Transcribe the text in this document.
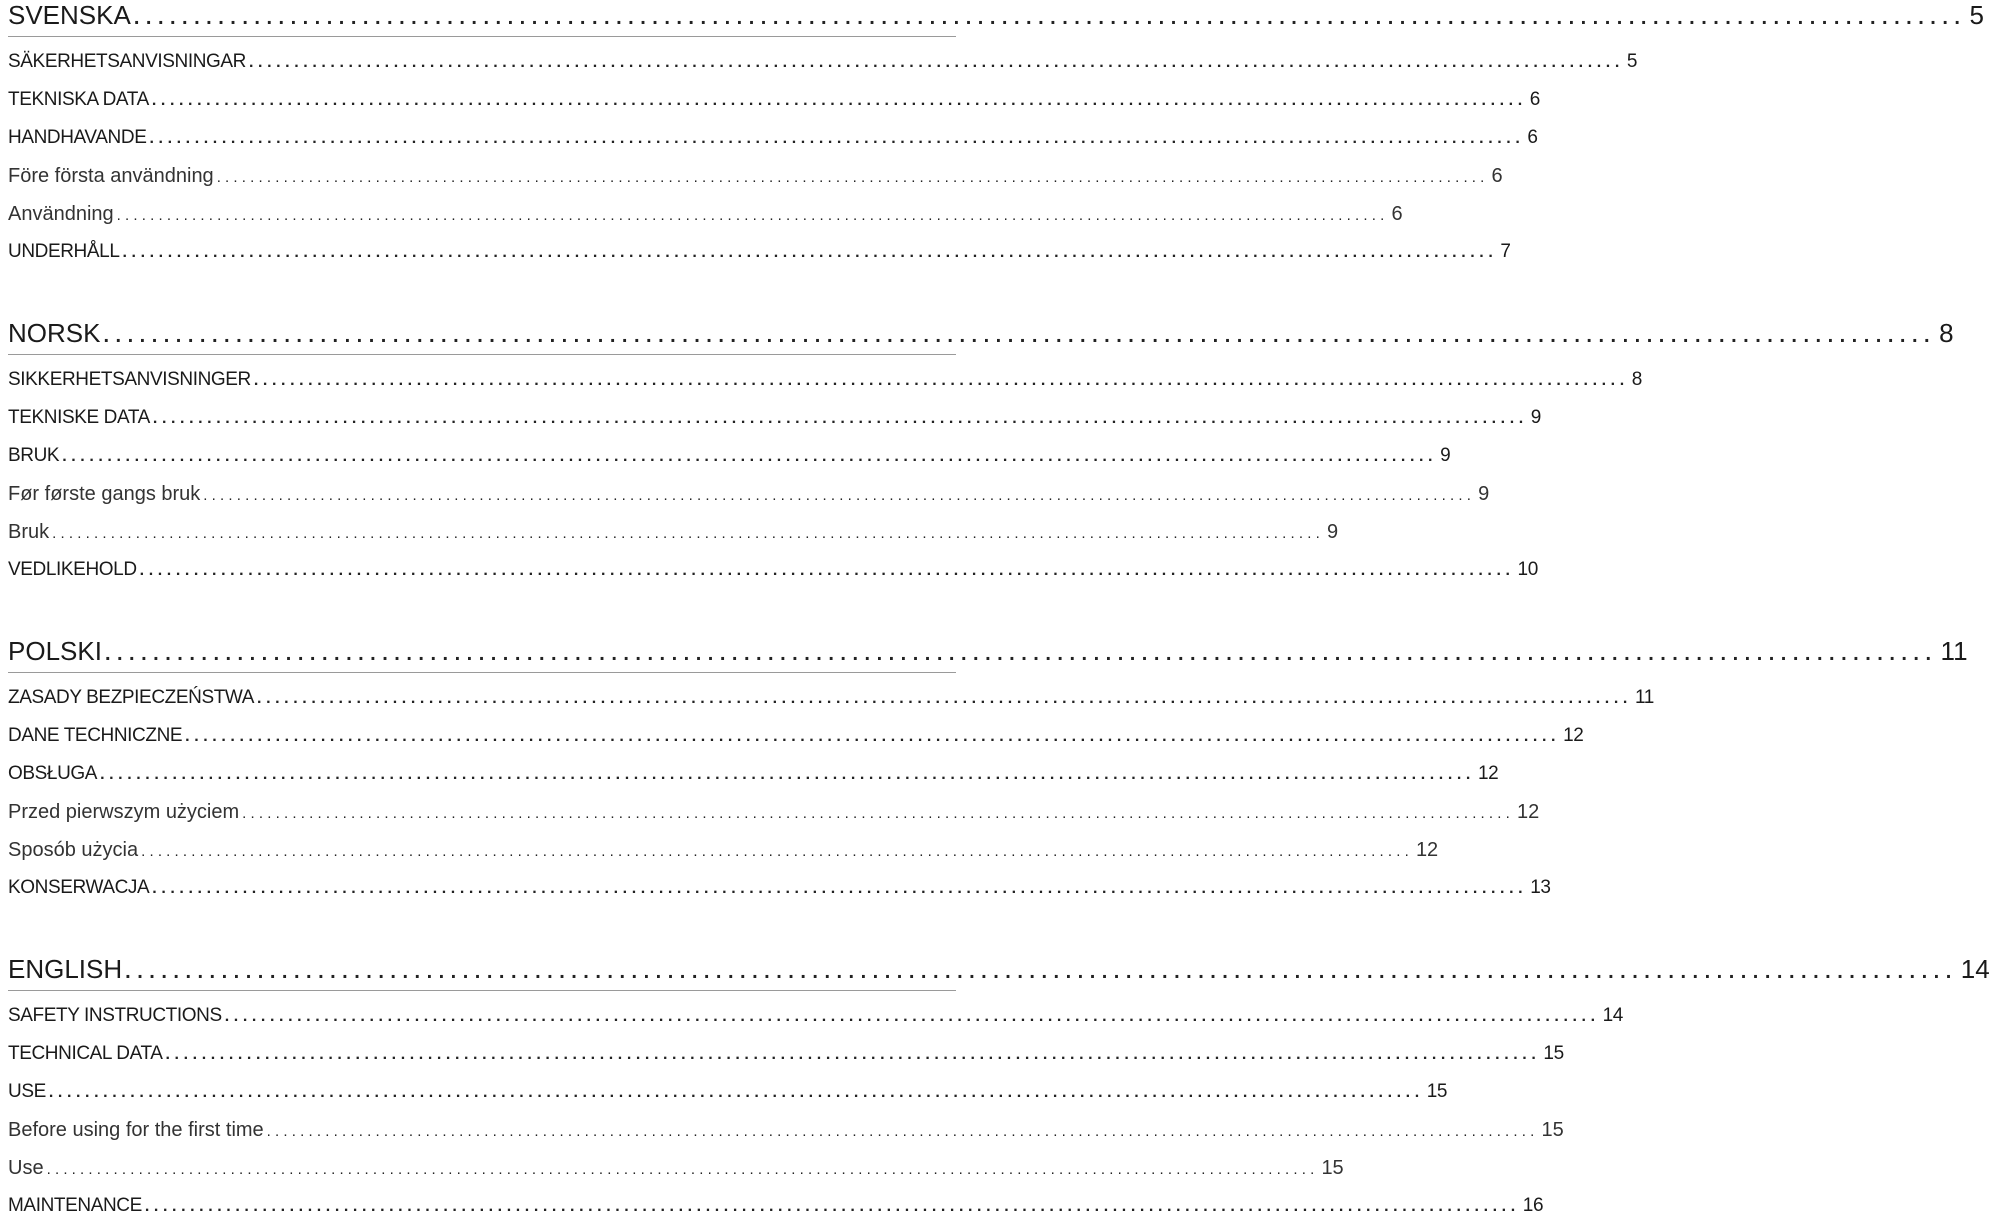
SVENSKA ........................................................................................................................................................ 5
SÄKERHETSANVISNINGAR ........................................................................................................................................................ 5
TEKNISKA DATA ........................................................................................................................................................ 6
HANDHAVANDE ........................................................................................................................................................ 6
Före första användning ........................................................................................................................................................ 6
Användning ........................................................................................................................................................ 6
UNDERHÅLL ........................................................................................................................................................ 7
NORSK ........................................................................................................................................................ 8
SIKKERHETSANVISNINGER ........................................................................................................................................................ 8
TEKNISKE DATA ........................................................................................................................................................ 9
BRUK ........................................................................................................................................................ 9
Før første gangs bruk ........................................................................................................................................................ 9
Bruk ........................................................................................................................................................ 9
VEDLIKEHOLD ........................................................................................................................................................ 10
POLSKI ........................................................................................................................................................ 11
ZASADY BEZPIECZEŃSTWA ........................................................................................................................................................ 11
DANE TECHNICZNE ........................................................................................................................................................ 12
OBSŁUGA ........................................................................................................................................................ 12
Przed pierwszym użyciem ........................................................................................................................................................ 12
Sposób użycia ........................................................................................................................................................ 12
KONSERWACJA ........................................................................................................................................................ 13
ENGLISH ........................................................................................................................................................ 14
SAFETY INSTRUCTIONS ........................................................................................................................................................ 14
TECHNICAL DATA ........................................................................................................................................................ 15
USE ........................................................................................................................................................ 15
Before using for the first time ........................................................................................................................................................ 15
Use ........................................................................................................................................................ 15
MAINTENANCE ........................................................................................................................................................ 16
